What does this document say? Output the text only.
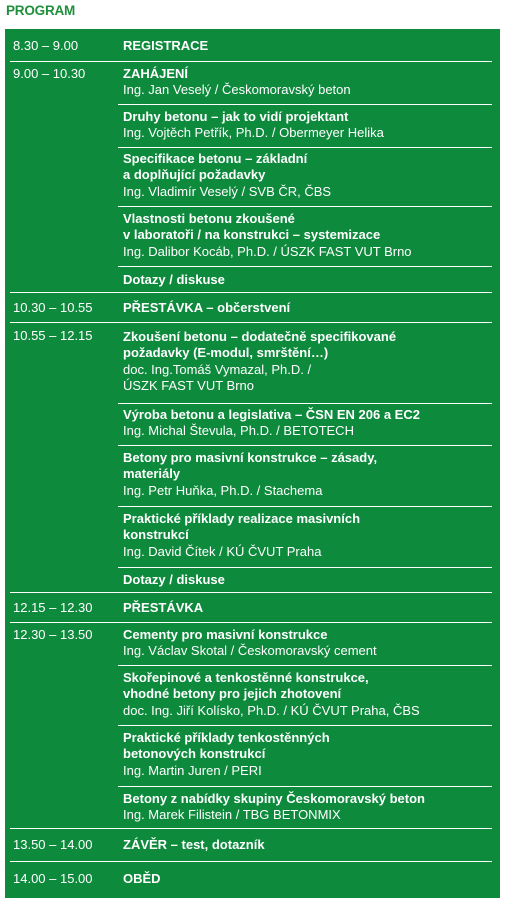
PROGRAM
8.30 – 9.00	REGISTRACE
9.00 – 10.30	ZAHÁJENÍ
Ing. Jan Veselý / Českomoravský beton
Druhy betonu – jak to vidí projektant
Ing. Vojtěch Petřík, Ph.D. / Obermeyer Helika
Specifikace betonu – základní
a doplňující požadavky
Ing. Vladimír Veselý / SVB ČR, ČBS
Vlastnosti betonu zkoušené
v laboratoři / na konstrukci – systemizace
Ing. Dalibor Kocáb, Ph.D. / ÚSZK FAST VUT Brno
Dotazy / diskuse
10.30 – 10.55 PŘESTÁVKA – občerstvení
10.55 – 12.15 Zkoušení betonu – dodatečně specifikované
požadavky (E-modul, smrštění…)
doc. Ing.Tomáš Vymazal, Ph.D. /
ÚSZK FAST VUT Brno
Výroba betonu a legislativa – ČSN EN 206 a EC2
Ing. Michal Števula, Ph.D. / BETOTECH
Betony pro masivní konstrukce – zásady,
materiály
Ing. Petr Huňka, Ph.D. / Stachema
Praktické příklady realizace masivních
konstrukcí
Ing. David Čítek / KÚ ČVUT Praha
Dotazy / diskuse
12.15 – 12.30 PŘESTÁVKA
12.30 – 13.50 Cementy pro masivní konstrukce
Ing. Václav Skotal / Českomoravský cement
Skořepinové a tenkostěnné konstrukce,
vhodné betony pro jejich zhotovení
doc. Ing. Jiří Kolísko, Ph.D. / KÚ ČVUT Praha, ČBS
Praktické příklady tenkostěnných
betonových konstrukcí
Ing. Martin Juren / PERI
Betony z nabídky skupiny Českomoravský beton
Ing. Marek Filistein / TBG BETONMIX
13.50 – 14.00 ZÁVĚR – test, dotazník
14.00 – 15.00 OBĚD
